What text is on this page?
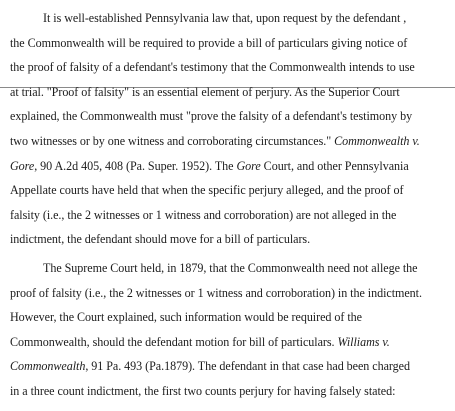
It is well-established Pennsylvania law that, upon request by the defendant ,
the Commonwealth will be required to provide a bill of particulars giving notice of
the proof of falsity of a defendant's testimony that the Commonwealth intends to use
at trial. "Proof of falsity" is an essential element of perjury. As the Superior Court
explained, the Commonwealth must "prove the falsity of a defendant's testimony by
two witnesses or by one witness and corroborating circumstances." Commonwealth v.
Gore, 90 A.2d 405, 408 (Pa. Super. 1952). The Gore Court, and other Pennsylvania
Appellate courts have held that when the specific perjury alleged, and the proof of
falsity (i.e., the 2 witnesses or 1 witness and corroboration) are not alleged in the
indictment, the defendant should move for a bill of particulars.
The Supreme Court held, in 1879, that the Commonwealth need not allege the
proof of falsity (i.e., the 2 witnesses or 1 witness and corroboration) in the indictment.
However, the Court explained, such information would be required of the
Commonwealth, should the defendant motion for bill of particulars. Williams v.
Commonwealth, 91 Pa. 493 (Pa.1879). The defendant in that case had been charged
in a three count indictment, the first two counts perjury for having falsely stated:
